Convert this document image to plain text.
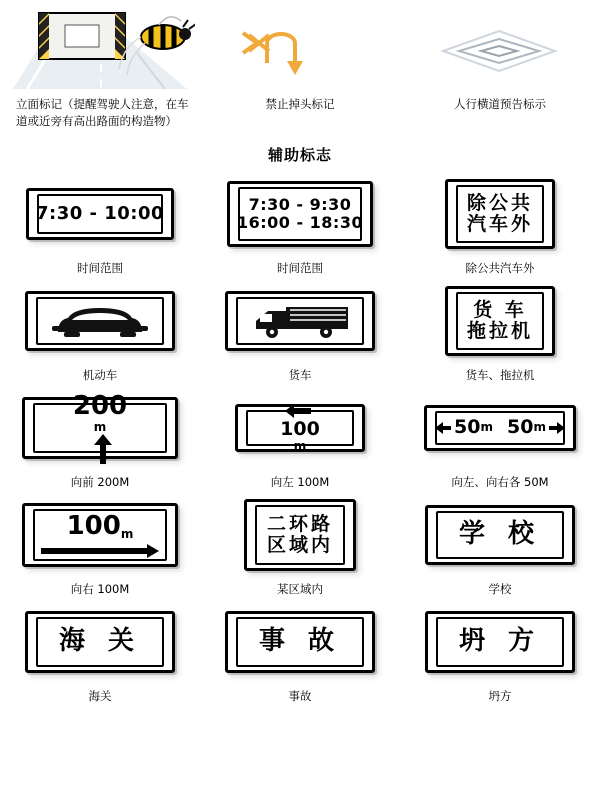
立面标记（提醒驾驶人注意，在车道或近旁有高出路面的构造物）
禁止掉头标记	人行横道预告标示
辅助标志
7:30 - 10:00
时间范围
7:30 - 9:30
16:00 - 18:30
时间范围
除公共
汽车外
除公共汽车外
机动车	货车
货 车
拖拉机
货车、拖拉机
200
m
向前 200M
100
m
向左 100M
50 m 50 m
向左、向右各 50M
100 m
向右 100M
二环路
区域内
某区域内
学 校
学校
海 关
海关
事 故
事故
坍 方
坍方
